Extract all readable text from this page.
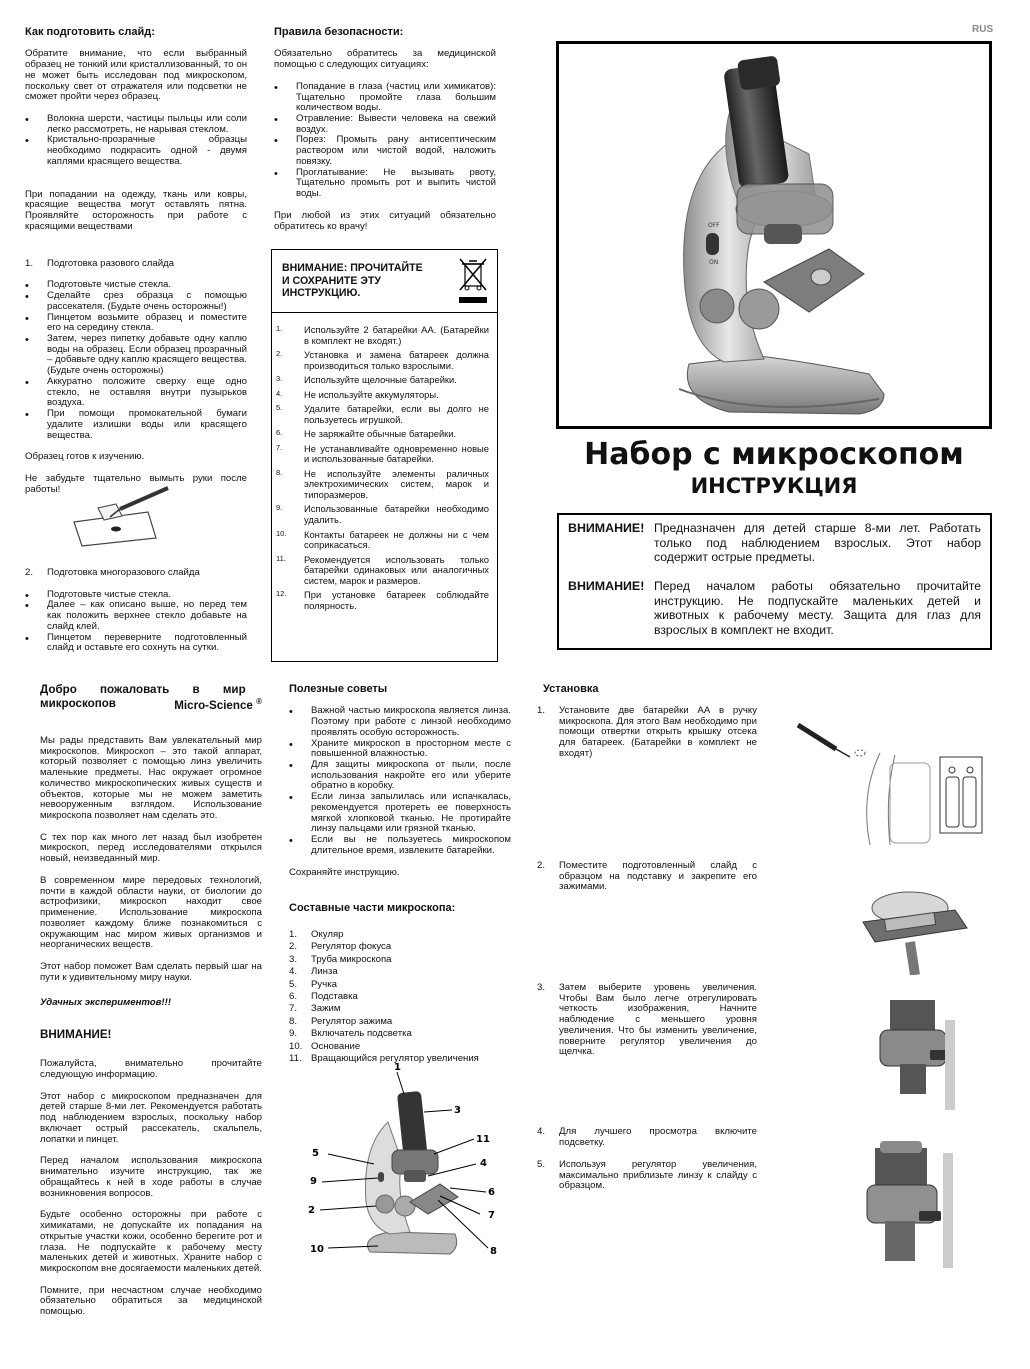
RUS
Как подготовить слайд:

Обратите внимание, что если выбранный образец не тонкий или кристаллизованный, то он не может быть исследован под микроскопом, поскольку свет от отражателя или подсветки не сможет пройти через образец.

• Волокна шерсти, частицы пыльцы или соли легко рассмотреть, не нарывая стеклом.
• Кристально-прозрачные образцы необходимо подкрасить одной - двумя каплями красящего вещества.

При попадании на одежду, ткань или ковры, красящие вещества могут оставлять пятна. Проявляйте осторожность при работе с красящими веществами

1. Подготовка разового слайда
• Подготовьте чистые стекла.
• Сделайте срез образца с помощью рассекателя. (Будьте очень осторожны!)
• Пинцетом возьмите образец и поместите его на середину стекла.
• Затем, через пипетку добавьте одну каплю воды на образец. Если образец прозрачный – добавьте одну каплю красящего вещества. (Будьте очень осторожны)
• Аккуратно положите сверху еще одно стекло, не оставляя внутри пузырьков воздуха.
• При помощи промокательной бумаги удалите излишки воды или красящего вещества.

Образец готов к изучению.

Не забудьте тщательно вымыть руки после работы!

2. Подготовка многоразового слайда
• Подготовьте чистые стекла.
• Далее – как описано выше, но перед тем как положить верхнее стекло добавьте на слайд клей.
• Пинцетом переверните подготовленный слайд и оставьте его сохнуть на сутки.
Правила безопасности:

Обязательно обратитесь за медицинской помощью с следующих ситуациях:

• Попадание в глаза (частиц или химикатов): Тщательно промойте глаза большим количеством воды.
• Отравление: Вывести человека на свежий воздух.
• Порез: Промыть рану антисептическим раствором или чистой водой, наложить повязку.
• Проглатывание: Не вызывать рвоту, Тщательно промыть рот и выпить чистой воды.

При любой из этих ситуаций обязательно обратитесь ко врачу!

ВНИМАНИЕ: ПРОЧИТАЙТЕ И СОХРАНИТЕ ЭТУ ИНСТРУКЦИЮ.
1. Используйте 2 батарейки АА. (Батарейки в комплект не входят.)
2. Установка и замена батареек должна производиться только взрослыми.
3. Используйте щелочные батарейки.
4. Не используйте аккумуляторы.
5. Удалите батарейки, если вы долго не пользуетесь игрушкой.
6. Не заряжайте обычные батарейки.
7. Не устанавливайте одновременно новые и использованные батарейки.
8. Не используйте элементы раличных электрохимических систем, марок и типоразмеров.
9. Использованные батарейки необходимо удалить.
10. Контакты батареек не должны ни с чем соприкасаться.
11. Рекомендуется использовать только батарейки одинаковых или аналогичных систем, марок и размеров.
12. При установке батареек соблюдайте полярность.
OFF
ON
Набор с микроскопом
ИНСТРУКЦИЯ
ВНИМАНИЕ! Предназначен для детей старше 8-ми лет. Работать только под наблюдением взрослых. Этот набор содержит острые предметы.
ВНИМАНИЕ! Перед началом работы обязательно прочитайте инструкцию. Не подпускайте маленьких детей и животных к рабочему месту. Защита для глаз для взрослых в комплект не входит.
Добро пожаловать в мир
микроскопов	Micro-Science ®

Мы рады представить Вам увлекательный мир микроскопов. Микроскоп – это такой аппарат, который позволяет с помощью линз увеличить маленькие предметы. Нас окружает огромное количество микроскопических живых существ и объектов, которые мы не можем заметить невооруженным взглядом. Использование микроскопа позволяет нам сделать это.

С тех пор как много лет назад был изобретен микроскоп, перед исследователями открылся новый, неизведанный мир.

В современном мире передовых технологий, почти в каждой области науки, от биологии до астрофизики, микроскоп находит свое применение. Использование микроскопа позволяет каждому ближе познакомиться с окружающим нас миром живых организмов и неорганических веществ.

Этот набор поможет Вам сделать первый шаг на пути к удивительному миру науки.

Удачных экспериментов!!!

ВНИМАНИЕ!

Пожалуйста, внимательно прочитайте следующую информацию.

Этот набор с микроскопом предназначен для детей старше 8-ми лет. Рекомендуется работать под наблюдением взрослых, поскольку набор включает острый рассекатель, скальпель, лопатки и пинцет.

Перед началом использования микроскопа внимательно изучите инструкцию, так же обращайтесь к ней в ходе работы в случае возникновения вопросов.

Будьте особенно осторожны при работе с химикатами, не допускайте их попадания на открытые участки кожи, особенно берегите рот и глаза. Не подпускайте к рабочему месту маленьких детей и животных. Храните набор с микроскопом вне досягаемости маленьких детей.

Помните, при несчастном случае необходимо обязательно обратиться за медицинской помощью.

Полезные советы
• Важной частью микроскопа является линза. Поэтому при работе с линзой необходимо проявлять особую осторожность.
• Храните микроскоп в просторном месте с повышенной влажностью.
• Для защиты микроскопа от пыли, после использования накройте его или уберите обратно в коробку.
• Если линза запылилась или испачкалась, рекомендуется протереть ее поверхность мягкой хлопковой тканью. Не протирайте линзу пальцами или грязной тканью.
• Если вы не пользуетесь микроскопом длительное время, извлеките батарейки.

Сохраняйте инструкцию.

Составные части микроскопа:
1. Окуляр
2. Регулятор фокуса
3. Труба микроскопа
4. Линза
5. Ручка
6. Подставка
7. Зажим
8. Регулятор зажима
9. Включатель подсветка
10. Основание
11. Вращающийся регулятор увеличения
1
3
11
4
5
9
6
2	7
10	8
Установка
1. Установите две батарейки АА в ручку микроскопа. Для этого Вам необходимо при помощи отвертки открыть крышку отсека для батареек. (Батарейки в комплект не входят)
2. Поместите подготовленный слайд с образцом на подставку и закрепите его зажимами.
3. Затем выберите уровень увеличения. Чтобы Вам было легче отрегулировать четкость изображения, Начните наблюдение с меньшего уровня увеличения. Что бы изменить увеличение, поверните регулятор увеличения до щелчка.
4. Для лучшего просмотра включите подсветку.
5. Используя регулятор увеличения, максимально приблизьте линзу к слайду с образцом.
